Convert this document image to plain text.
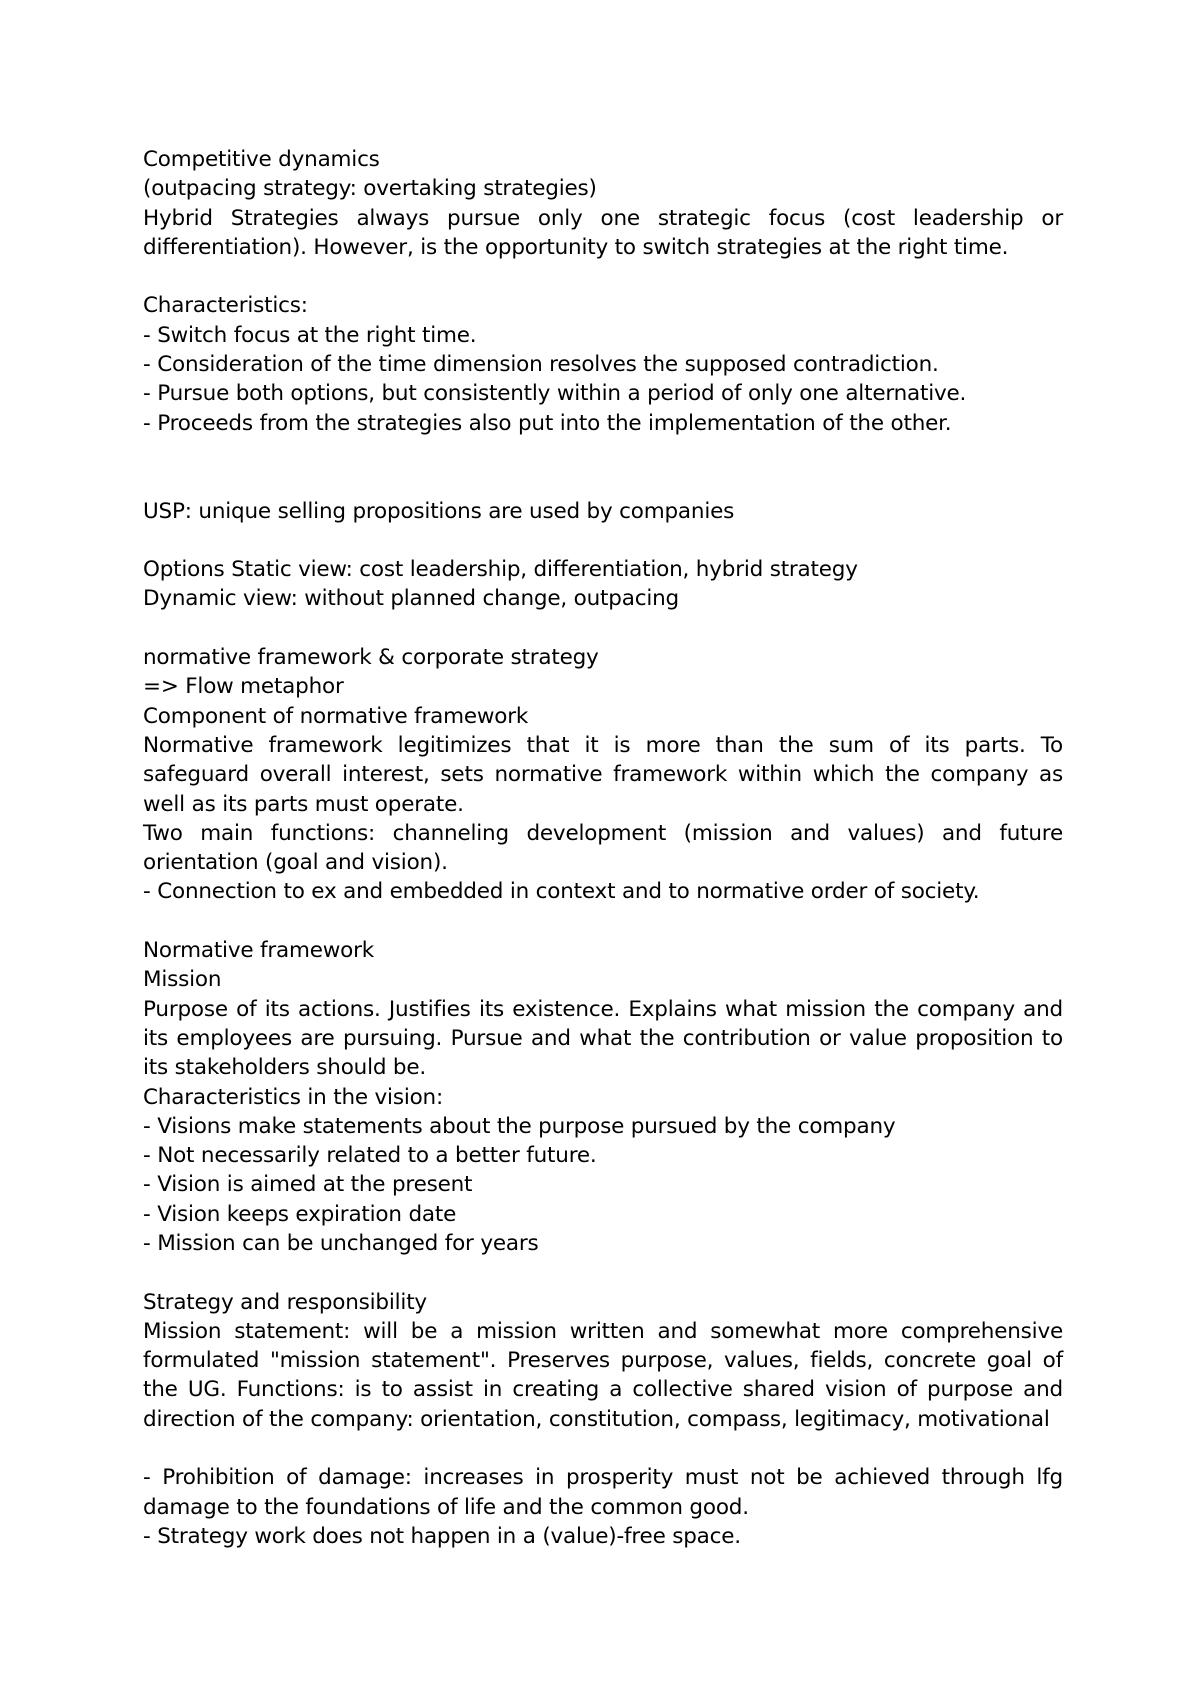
Competitive dynamics
(outpacing strategy: overtaking strategies)
Hybrid Strategies always pursue only one strategic focus (cost leadership or
differentiation). However, is the opportunity to switch strategies at the right time.
Characteristics:
- Switch focus at the right time.
- Consideration of the time dimension resolves the supposed contradiction.
- Pursue both options, but consistently within a period of only one alternative.
- Proceeds from the strategies also put into the implementation of the other.
USP: unique selling propositions are used by companies
Options Static view: cost leadership, differentiation, hybrid strategy
Dynamic view: without planned change, outpacing
normative framework & corporate strategy
=> Flow metaphor
Component of normative framework
Normative framework legitimizes that it is more than the sum of its parts. To
safeguard overall interest, sets normative framework within which the company as
well as its parts must operate.
Two main functions: channeling development (mission and values) and future
orientation (goal and vision).
- Connection to ex and embedded in context and to normative order of society.
Normative framework
Mission
Purpose of its actions. Justifies its existence. Explains what mission the company and
its employees are pursuing. Pursue and what the contribution or value proposition to
its stakeholders should be.
Characteristics in the vision:
- Visions make statements about the purpose pursued by the company
- Not necessarily related to a better future.
- Vision is aimed at the present
- Vision keeps expiration date
- Mission can be unchanged for years
Strategy and responsibility
Mission statement: will be a mission written and somewhat more comprehensive
formulated "mission statement". Preserves purpose, values, fields, concrete goal of
the UG. Functions: is to assist in creating a collective shared vision of purpose and
direction of the company: orientation, constitution, compass, legitimacy, motivational
- Prohibition of damage: increases in prosperity must not be achieved through lfg
damage to the foundations of life and the common good.
- Strategy work does not happen in a (value)-free space.
